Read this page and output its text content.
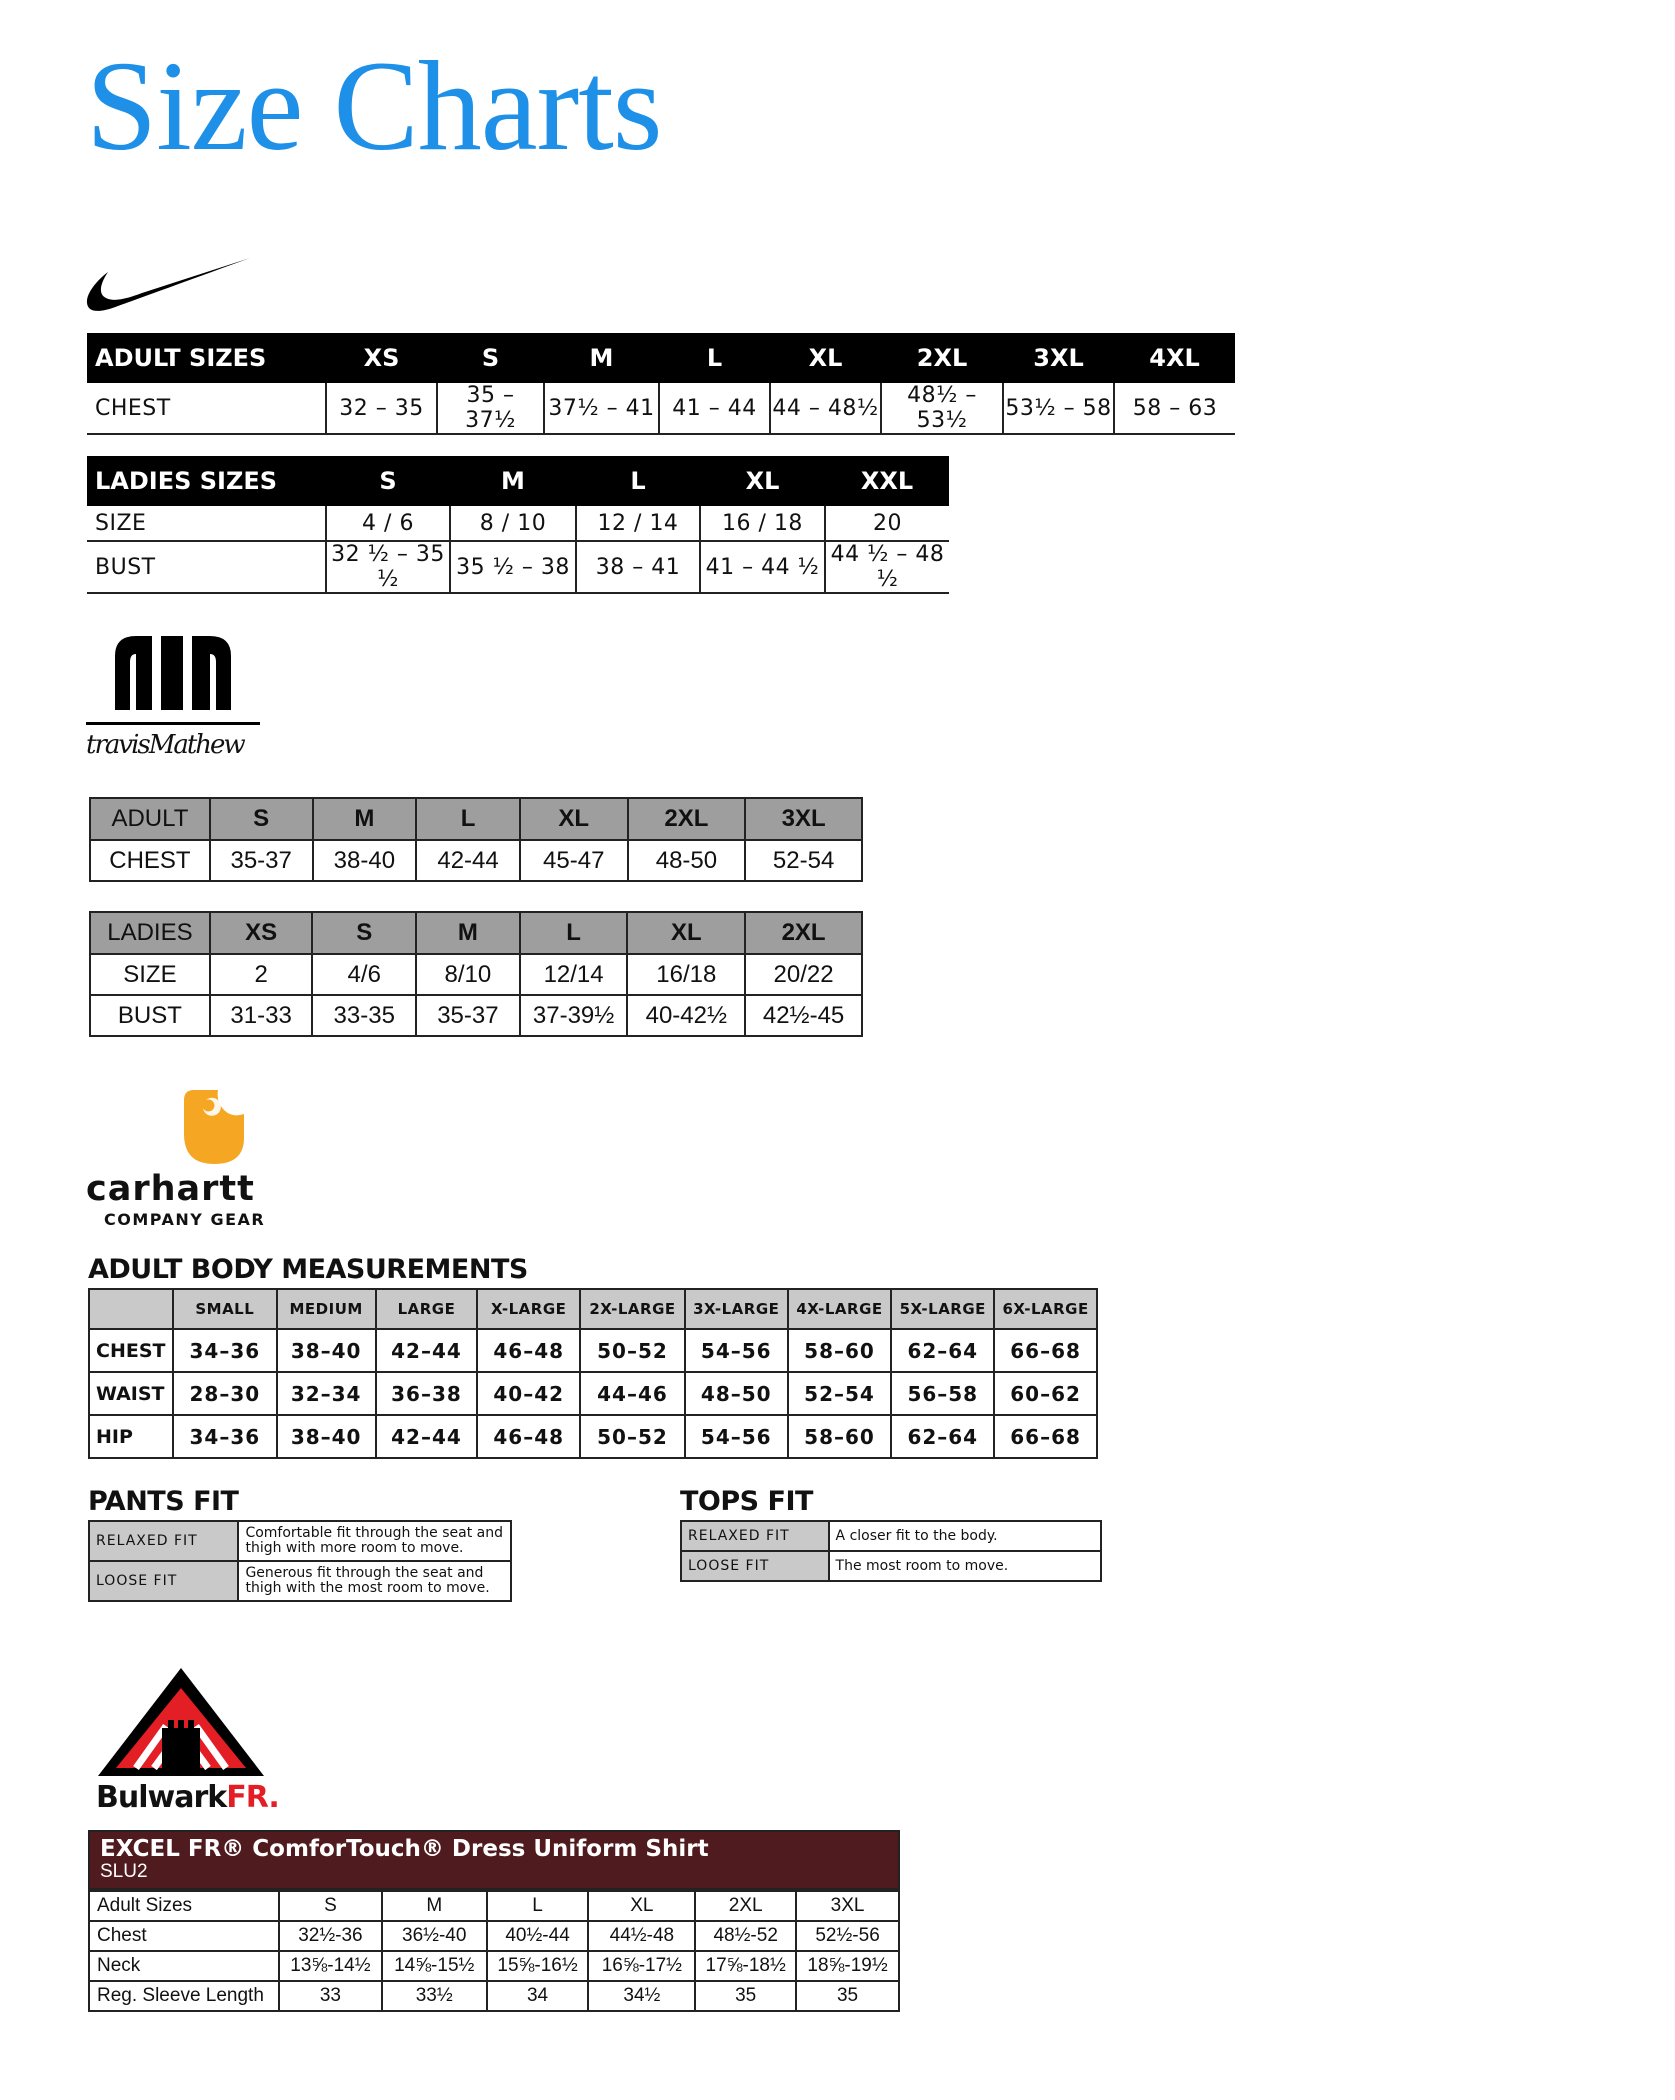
Size Charts
ADULT SIZES	XS	S	M	L	XL	2XL	3XL	4XL
CHEST	32 – 35	35 – 37½	37½ – 41	41 – 44	44 – 48½	48½ – 53½	53½ – 58	58 – 63
LADIES SIZES	S	M	L	XL	XXL
SIZE	4 / 6	8 / 10	12 / 14	16 / 18	20
BUST	32 ½ – 35 ½	35 ½ – 38	38 – 41	41 – 44 ½	44 ½ – 48 ½
travisMathew
ADULT	S	M	L	XL	2XL	3XL
CHEST	35-37	38-40	42-44	45-47	48-50	52-54
LADIES	XS	S	M	L	XL	2XL
SIZE	2	4/6	8/10	12/14	16/18	20/22
BUST	31-33	33-35	35-37	37-39½	40-42½	42½-45
carhartt
COMPANY GEAR
ADULT BODY MEASUREMENTS
	SMALL	MEDIUM	LARGE	X-LARGE	2X-LARGE	3X-LARGE	4X-LARGE	5X-LARGE	6X-LARGE
CHEST	34–36	38–40	42–44	46–48	50–52	54–56	58–60	62–64	66–68
WAIST	28–30	32–34	36–38	40–42	44–46	48–50	52–54	56–58	60–62
HIP	34–36	38–40	42–44	46–48	50–52	54–56	58–60	62–64	66–68
PANTS FIT
RELAXED FIT	Comfortable fit through the seat and thigh with more room to move.
LOOSE FIT	Generous fit through the seat and thigh with the most room to move.
TOPS FIT
RELAXED FIT	A closer fit to the body.
LOOSE FIT	The most room to move.
BulwarkFR.
EXCEL FR® ComforTouch® Dress Uniform Shirt
SLU2
Adult Sizes	S	M	L	XL	2XL	3XL
Chest	32½-36	36½-40	40½-44	44½-48	48½-52	52½-56
Neck	13⅝-14½	14⅝-15½	15⅝-16½	16⅝-17½	17⅝-18½	18⅝-19½
Reg. Sleeve Length	33	33½	34	34½	35	35
